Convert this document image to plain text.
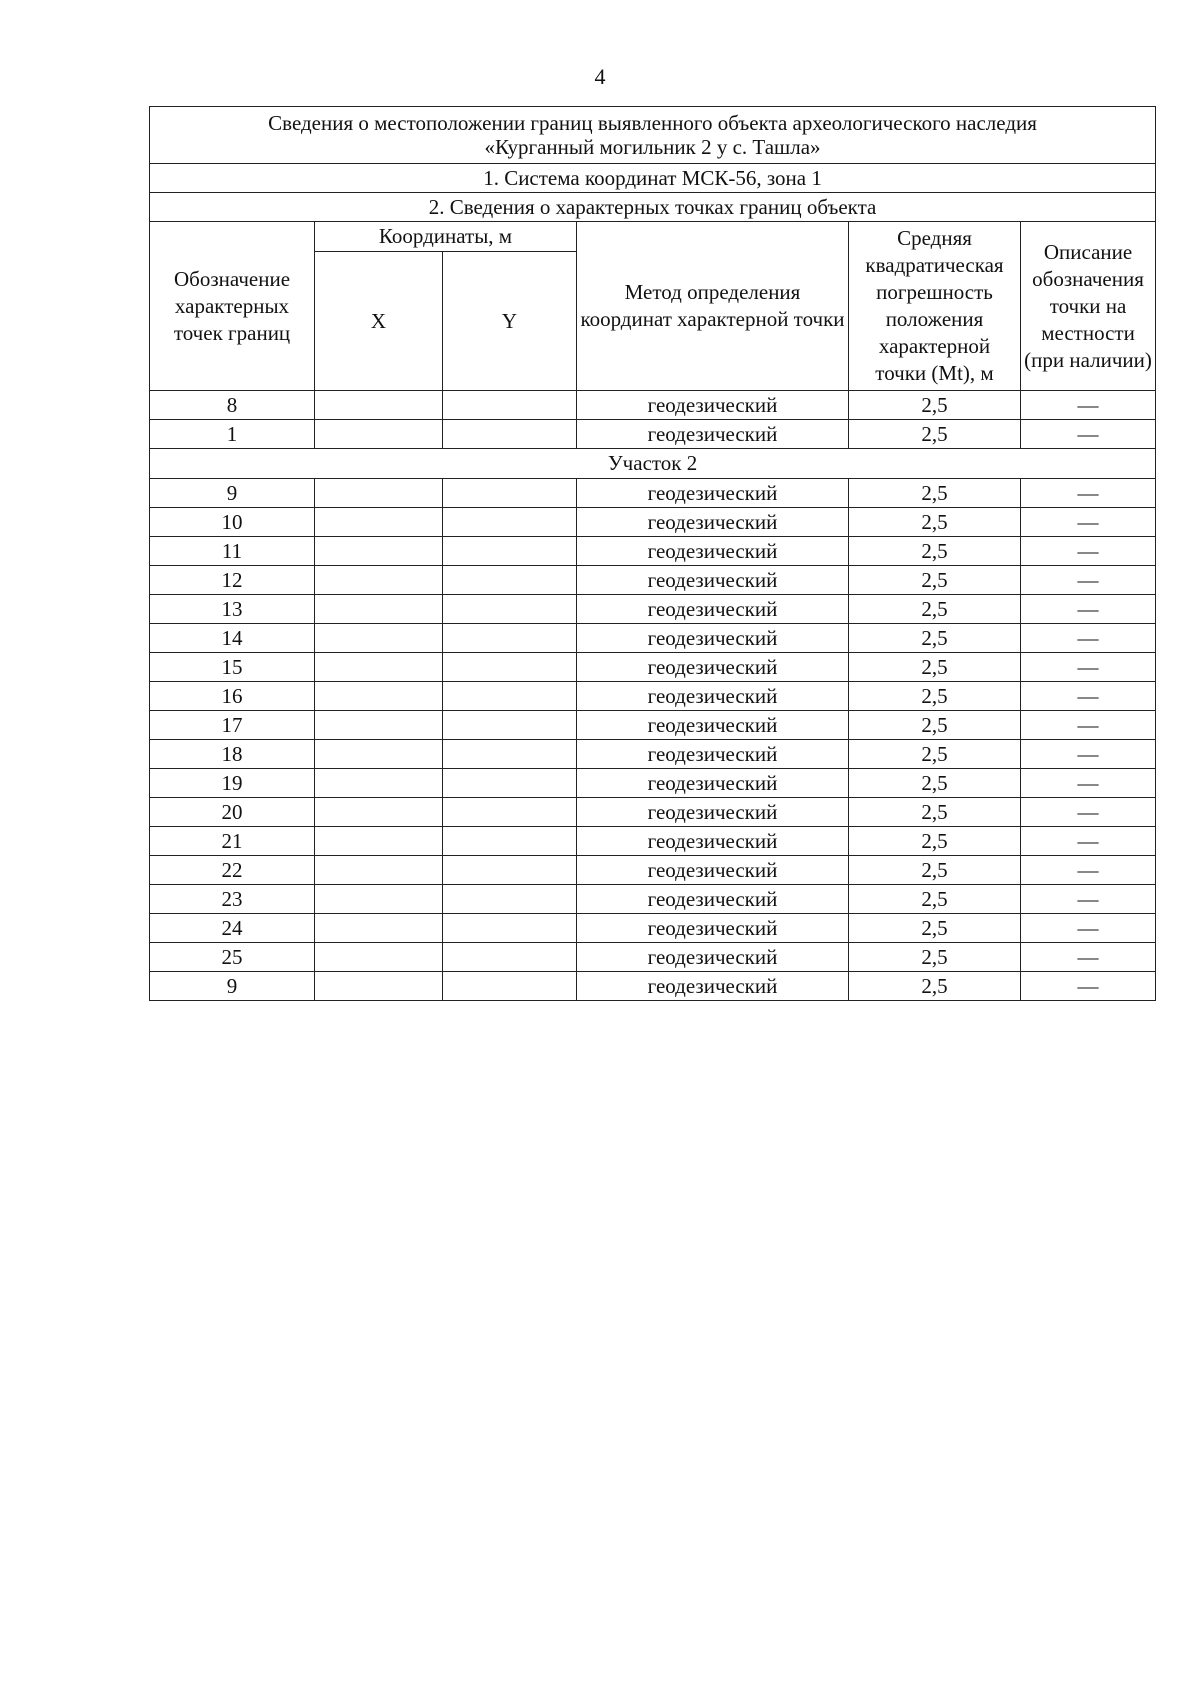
4
Сведения о местоположении границ выявленного объекта археологического наследия
«Курганный могильник 2 у с. Ташла»					

1. Система координат МСК-56, зона 1					
2. Сведения о характерных точках границ объекта					
Обозначение характерных точек границ	Координаты, м		Метод определения координат характерной точки	Средняя квадратическая погрешность положения характерной точки (Mt), м	Описание обозначения точки на местности (при наличии)
	X	Y			
8			геодезический	2,5	—
1			геодезический	2,5	—
Участок 2					
9			геодезический	2,5	—
10			геодезический	2,5	—
11			геодезический	2,5	—
12			геодезический	2,5	—
13			геодезический	2,5	—
14			геодезический	2,5	—
15			геодезический	2,5	—
16			геодезический	2,5	—
17			геодезический	2,5	—
18			геодезический	2,5	—
19			геодезический	2,5	—
20			геодезический	2,5	—
21			геодезический	2,5	—
22			геодезический	2,5	—
23			геодезический	2,5	—
24			геодезический	2,5	—
25			геодезический	2,5	—
9			геодезический	2,5	—
